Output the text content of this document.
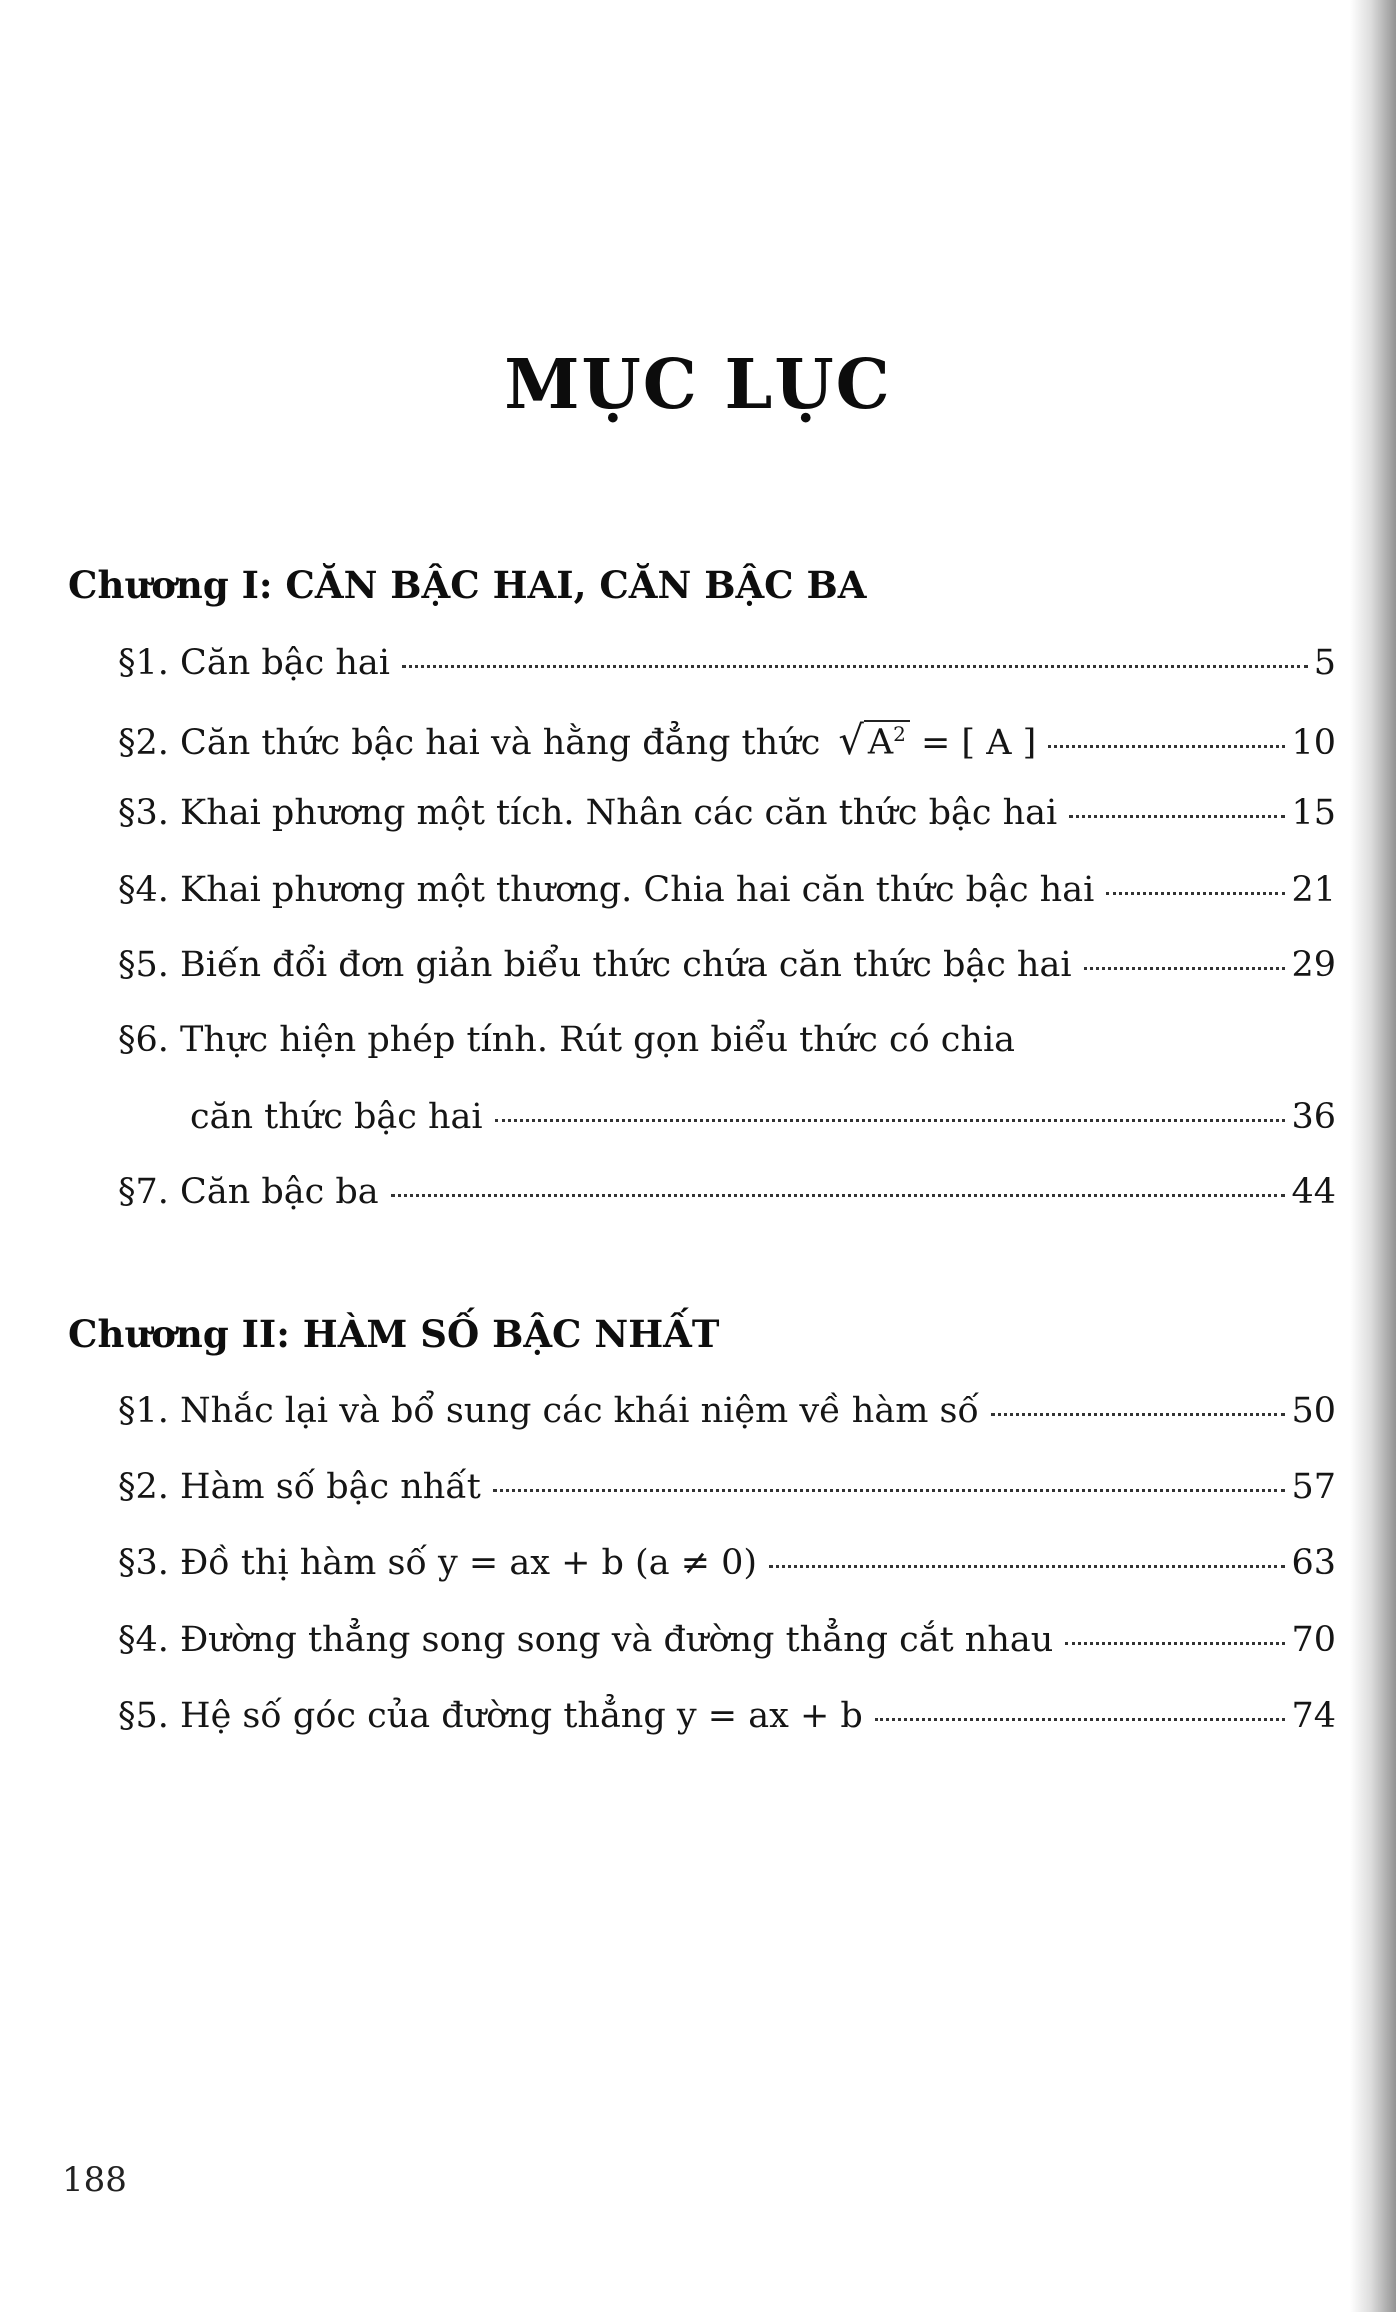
MỤC LỤC
Chương I: CĂN BẬC HAI, CĂN BẬC BA
§1.
Căn bậc hai	5
§2.
Căn thức bậc hai và hằng đẳng thức √ $A^2$
= [ A ]	10
§3.
Khai phương một tích. Nhân các căn thức bậc hai	15
§4.
Khai phương một thương. Chia hai căn thức bậc hai	21
§5.
Biến đổi đơn giản biểu thức chứa căn thức bậc hai	29
§6.
Thực hiện phép tính. Rút gọn biểu thức có chia
căn thức bậc hai	36
§7.
Căn bậc ba	44
Chương II: HÀM SỐ BẬC NHẤT
§1.
Nhắc lại và bổ sung các khái niệm về hàm số	50
§2.
Hàm số bậc nhất	57
§3.
Đồ thị hàm số y = ax + b (a ≠ 0)	63
§4.
Đường thẳng song song và đường thẳng cắt nhau	70
§5.
Hệ số góc của đường thẳng y = ax + b	74
188
